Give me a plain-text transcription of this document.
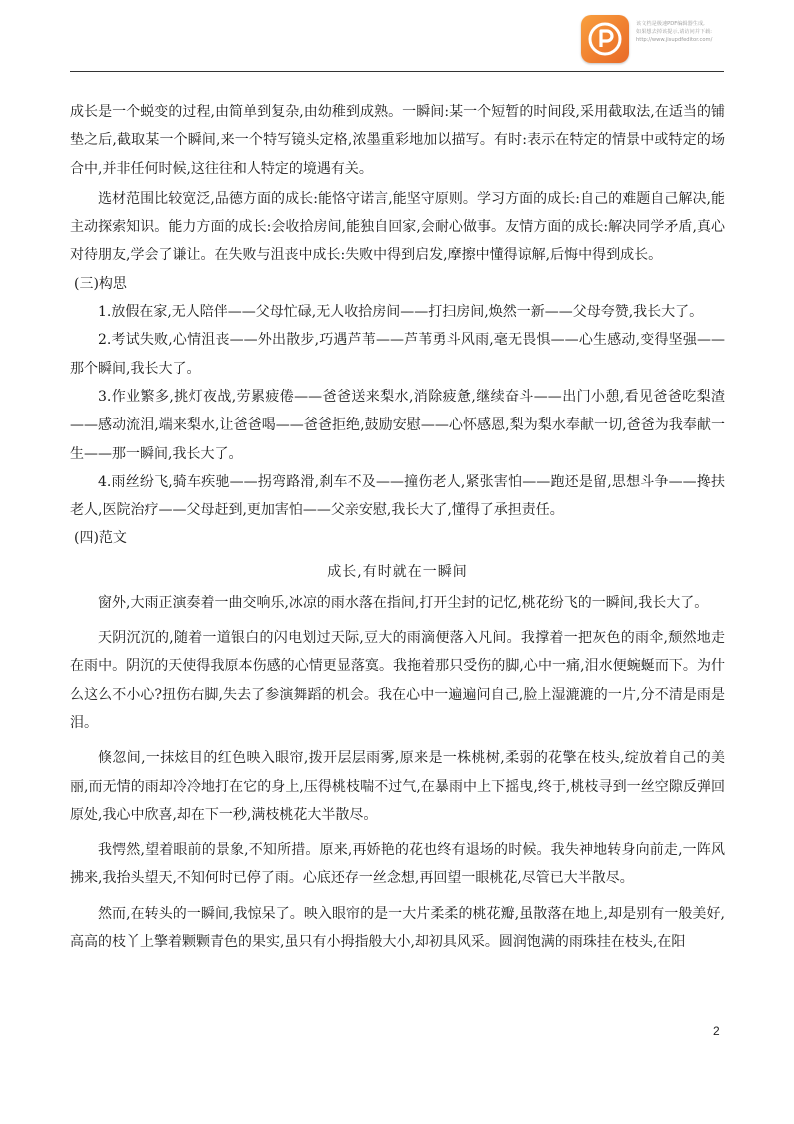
该文档是极速PDF编辑器生成,
如果想去掉该提示,请访问并下载:
http://www.jisupdfeditor.com/

成长是一个蜕变的过程,由简单到复杂,由幼稚到成熟。一瞬间:某一个短暂的时间段,采用截取法,在适当的铺垫之后,截取某一个瞬间,来一个特写镜头定格,浓墨重彩地加以描写。有时:表示在特定的情景中或特定的场合中,并非任何时候,这往往和人特定的境遇有关。

选材范围比较宽泛,品德方面的成长:能恪守诺言,能坚守原则。学习方面的成长:自己的难题自己解决,能主动探索知识。能力方面的成长:会收拾房间,能独自回家,会耐心做事。友情方面的成长:解决同学矛盾,真心对待朋友,学会了谦让。在失败与沮丧中成长:失败中得到启发,摩擦中懂得谅解,后悔中得到成长。

(三)构思

1.放假在家,无人陪伴——父母忙碌,无人收拾房间——打扫房间,焕然一新——父母夸赞,我长大了。

2.考试失败,心情沮丧——外出散步,巧遇芦苇——芦苇勇斗风雨,毫无畏惧——心生感动,变得坚强——那个瞬间,我长大了。

3.作业繁多,挑灯夜战,劳累疲倦——爸爸送来梨水,消除疲惫,继续奋斗——出门小憩,看见爸爸吃梨渣——感动流泪,端来梨水,让爸爸喝——爸爸拒绝,鼓励安慰——心怀感恩,梨为梨水奉献一切,爸爸为我奉献一生——那一瞬间,我长大了。

4.雨丝纷飞,骑车疾驰——拐弯路滑,刹车不及——撞伤老人,紧张害怕——跑还是留,思想斗争——搀扶老人,医院治疗——父母赶到,更加害怕——父亲安慰,我长大了,懂得了承担责任。

(四)范文

成长,有时就在一瞬间

窗外,大雨正演奏着一曲交响乐,冰凉的雨水落在指间,打开尘封的记忆,桃花纷飞的一瞬间,我长大了。

天阴沉沉的,随着一道银白的闪电划过天际,豆大的雨滴便落入凡间。我撑着一把灰色的雨伞,颓然地走在雨中。阴沉的天使得我原本伤感的心情更显落寞。我拖着那只受伤的脚,心中一痛,泪水便蜿蜒而下。为什么这么不小心?扭伤右脚,失去了参演舞蹈的机会。我在心中一遍遍问自己,脸上湿漉漉的一片,分不清是雨是泪。

倏忽间,一抹炫目的红色映入眼帘,拨开层层雨雾,原来是一株桃树,柔弱的花擎在枝头,绽放着自己的美丽,而无情的雨却冷冷地打在它的身上,压得桃枝喘不过气,在暴雨中上下摇曳,终于,桃枝寻到一丝空隙反弹回原处,我心中欣喜,却在下一秒,满枝桃花大半散尽。

我愕然,望着眼前的景象,不知所措。原来,再娇艳的花也终有退场的时候。我失神地转身向前走,一阵风拂来,我抬头望天,不知何时已停了雨。心底还存一丝念想,再回望一眼桃花,尽管已大半散尽。

然而,在转头的一瞬间,我惊呆了。映入眼帘的是一大片柔柔的桃花瓣,虽散落在地上,却是别有一般美好,高高的枝丫上擎着颗颗青色的果实,虽只有小拇指般大小,却初具风采。圆润饱满的雨珠挂在枝头,在阳

2
